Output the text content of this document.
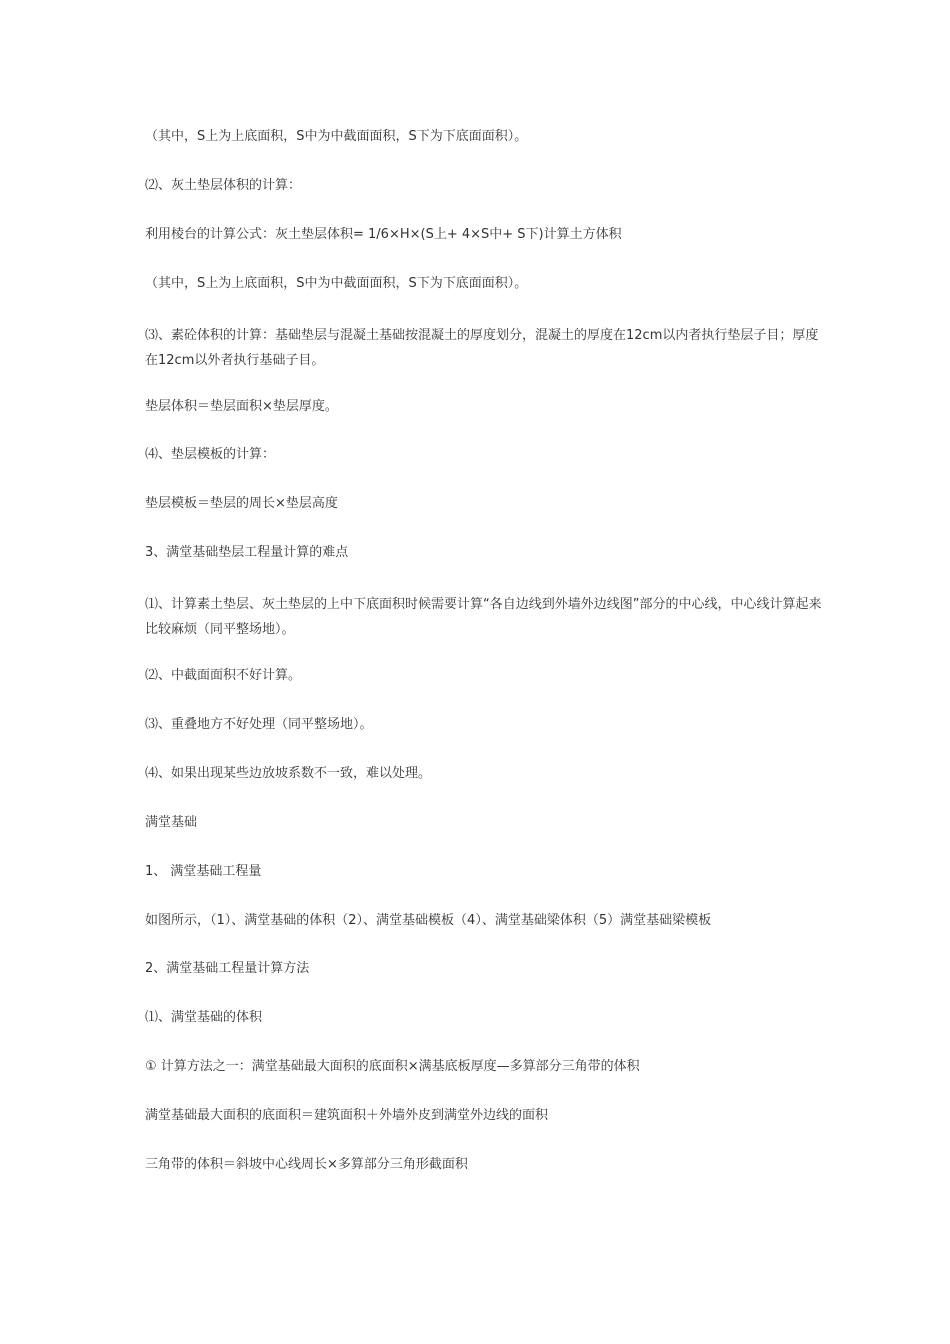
（其中，S上为上底面积，S中为中截面面积，S下为下底面面积）。

⑵、灰土垫层体积的计算：

利用棱台的计算公式：灰土垫层体积= 1/6×H×(S上+ 4×S中+ S下)计算土方体积

（其中，S上为上底面积，S中为中截面面积，S下为下底面面积）。

⑶、素砼体积的计算：基础垫层与混凝土基础按混凝土的厚度划分，混凝土的厚度在12cm以内者执行垫层子目；厚度在12cm以外者执行基础子目。

垫层体积＝垫层面积×垫层厚度。

⑷、垫层模板的计算：

垫层模板＝垫层的周长×垫层高度

3、满堂基础垫层工程量计算的难点

⑴、计算素土垫层、灰土垫层的上中下底面积时候需要计算“各自边线到外墙外边线图”部分的中心线，中心线计算起来比较麻烦（同平整场地）。

⑵、中截面面积不好计算。

⑶、重叠地方不好处理（同平整场地）。

⑷、如果出现某些边放坡系数不一致，难以处理。

满堂基础

1、 满堂基础工程量

如图所示，（1）、满堂基础的体积（2）、满堂基础模板（4）、满堂基础梁体积（5）满堂基础梁模板

2、满堂基础工程量计算方法

⑴、满堂基础的体积

① 计算方法之一：满堂基础最大面积的底面积×满基底板厚度—多算部分三角带的体积

满堂基础最大面积的底面积＝建筑面积＋外墙外皮到满堂外边线的面积

三角带的体积＝斜坡中心线周长×多算部分三角形截面积
